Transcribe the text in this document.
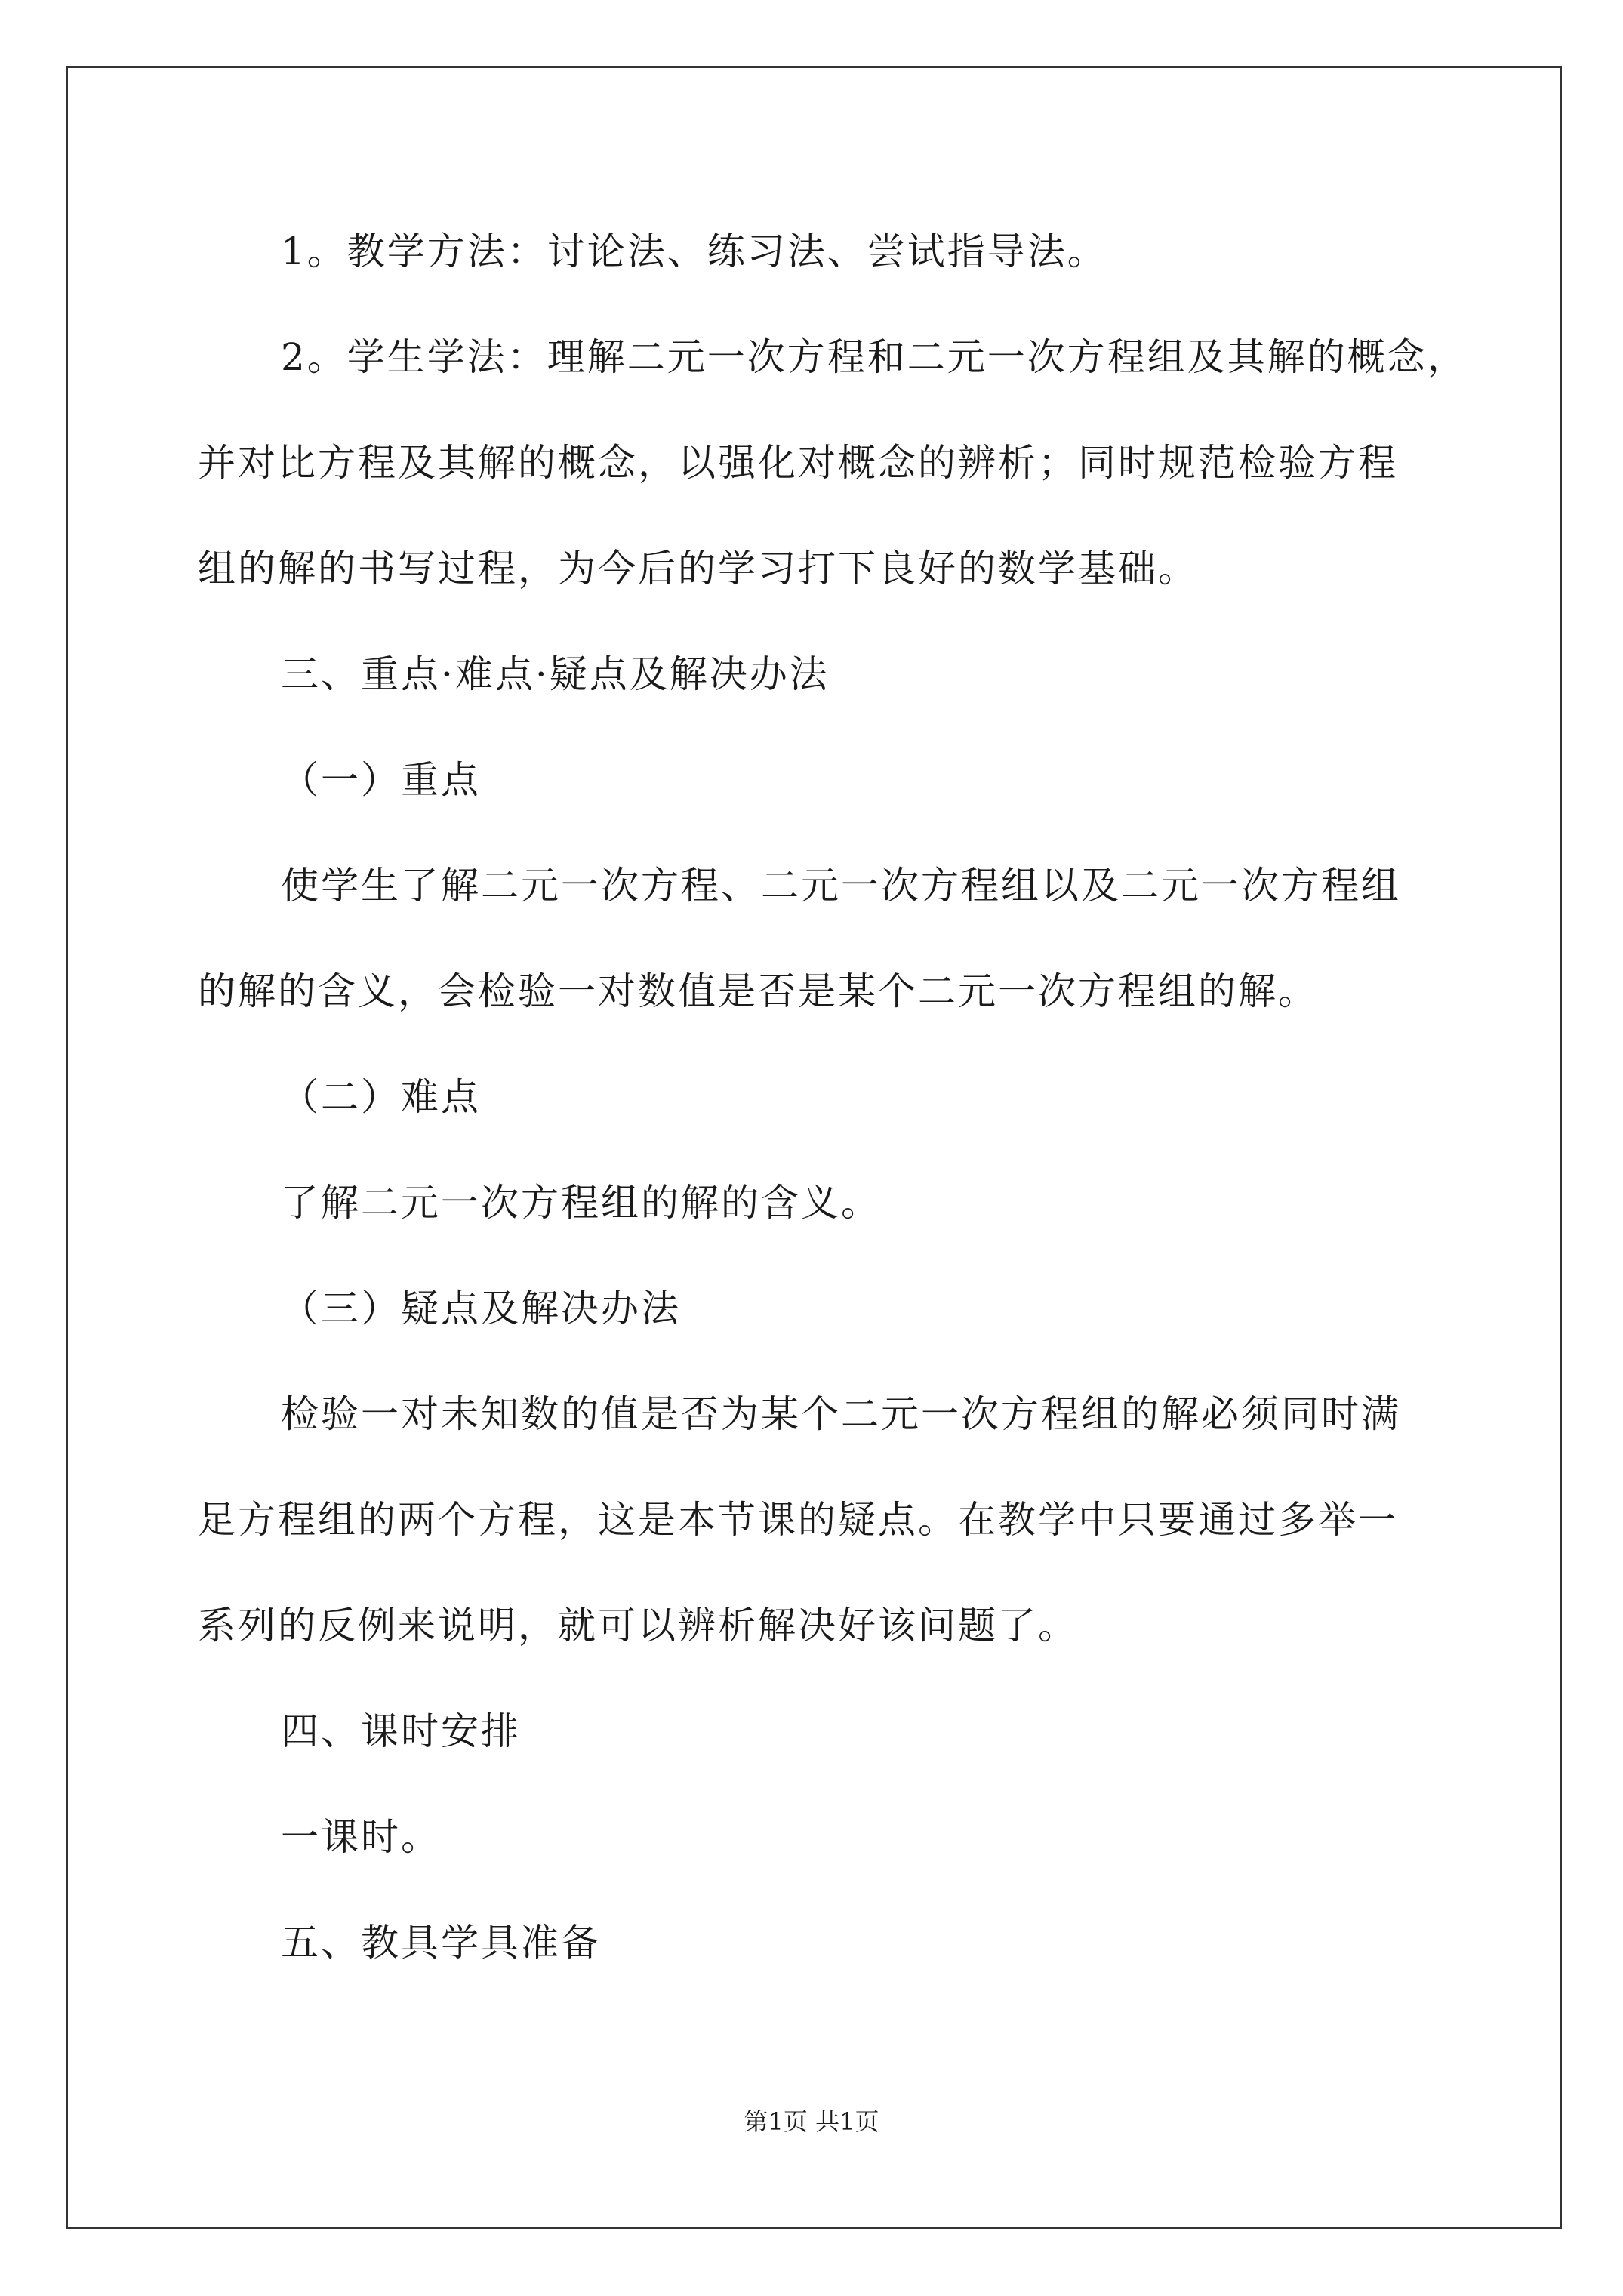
1。教学方法：讨论法、练习法、尝试指导法。
2。学生学法：理解二元一次方程和二元一次方程组及其解的概念，
并对比方程及其解的概念，以强化对概念的辨析；同时规范检验方程
组的解的书写过程，为今后的学习打下良好的数学基础。
三、重点·难点·疑点及解决办法
（一）重点
使学生了解二元一次方程、二元一次方程组以及二元一次方程组
的解的含义，会检验一对数值是否是某个二元一次方程组的解。
（二）难点
了解二元一次方程组的解的含义。
（三）疑点及解决办法
检验一对未知数的值是否为某个二元一次方程组的解必须同时满
足方程组的两个方程，这是本节课的疑点。在教学中只要通过多举一
系列的反例来说明，就可以辨析解决好该问题了。
四、课时安排
一课时。
五、教具学具准备
第1页 共1页
